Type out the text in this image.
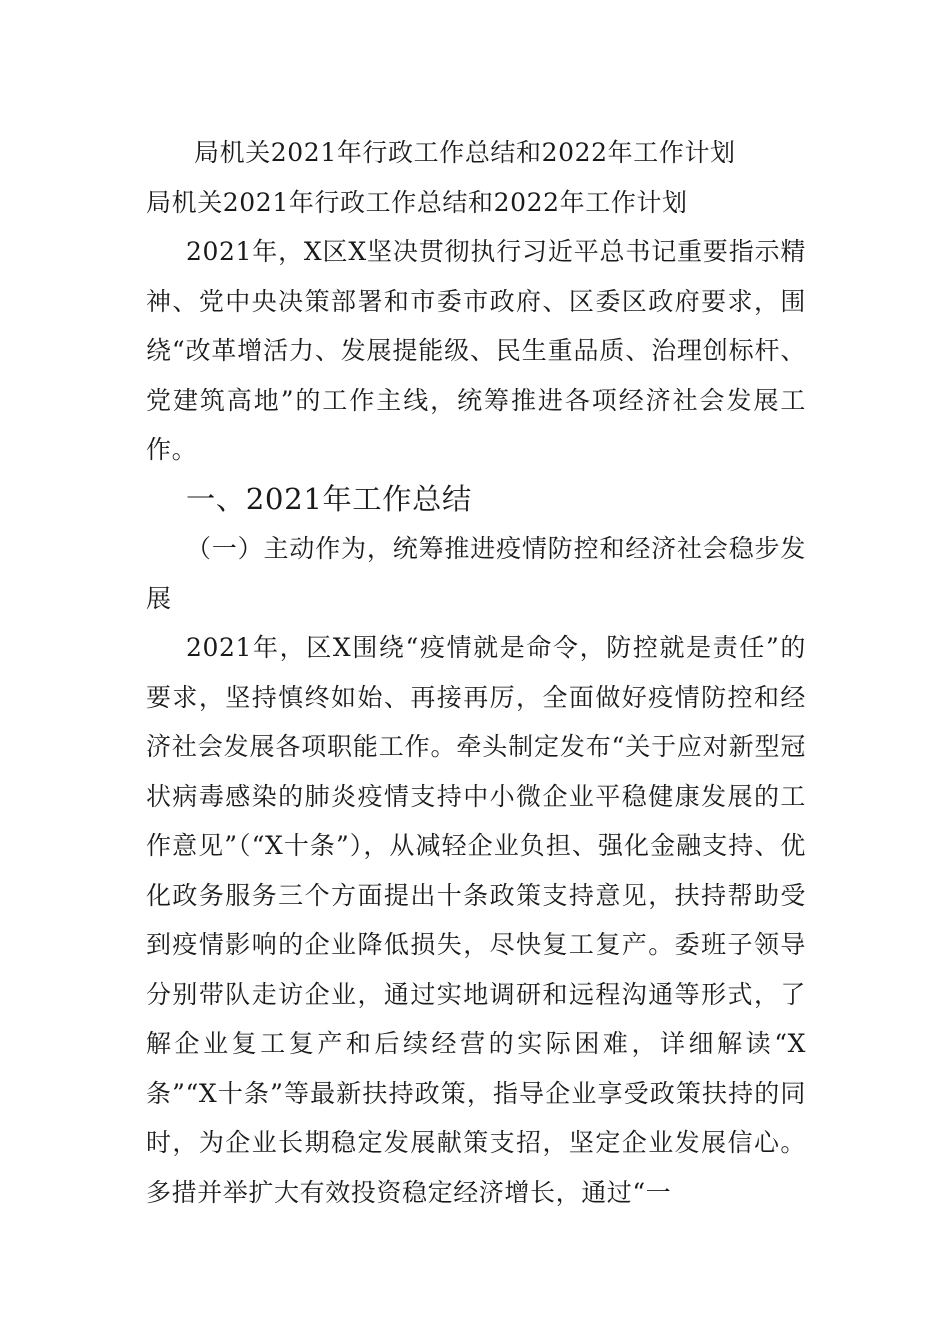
局机关2021年行政工作总结和2022年工作计划
局机关2021年行政工作总结和2022年工作计划

2021年，X区X坚决贯彻执行习近平总书记重要指示精神、党中央决策部署和市委市政府、区委区政府要求，围绕“改革增活力、发展提能级、民生重品质、治理创标杆、党建筑高地”的工作主线，统筹推进各项经济社会发展工作。

一、2021年工作总结

（一）主动作为，统筹推进疫情防控和经济社会稳步发展

2021年，区X围绕“疫情就是命令，防控就是责任”的要求，坚持慎终如始、再接再厉，全面做好疫情防控和经济社会发展各项职能工作。牵头制定发布“关于应对新型冠状病毒感染的肺炎疫情支持中小微企业平稳健康发展的工作意见”（“X十条”），从减轻企业负担、强化金融支持、优化政务服务三个方面提出十条政策支持意见，扶持帮助受到疫情影响的企业降低损失，尽快复工复产。委班子领导分别带队走访企业，通过实地调研和远程沟通等形式，了解企业复工复产和后续经营的实际困难，详细解读“X条”“X十条”等最新扶持政策，指导企业享受政策扶持的同时，为企业长期稳定发展献策支招，坚定企业发展信心。多措并举扩大有效投资稳定经济增长，通过“一
